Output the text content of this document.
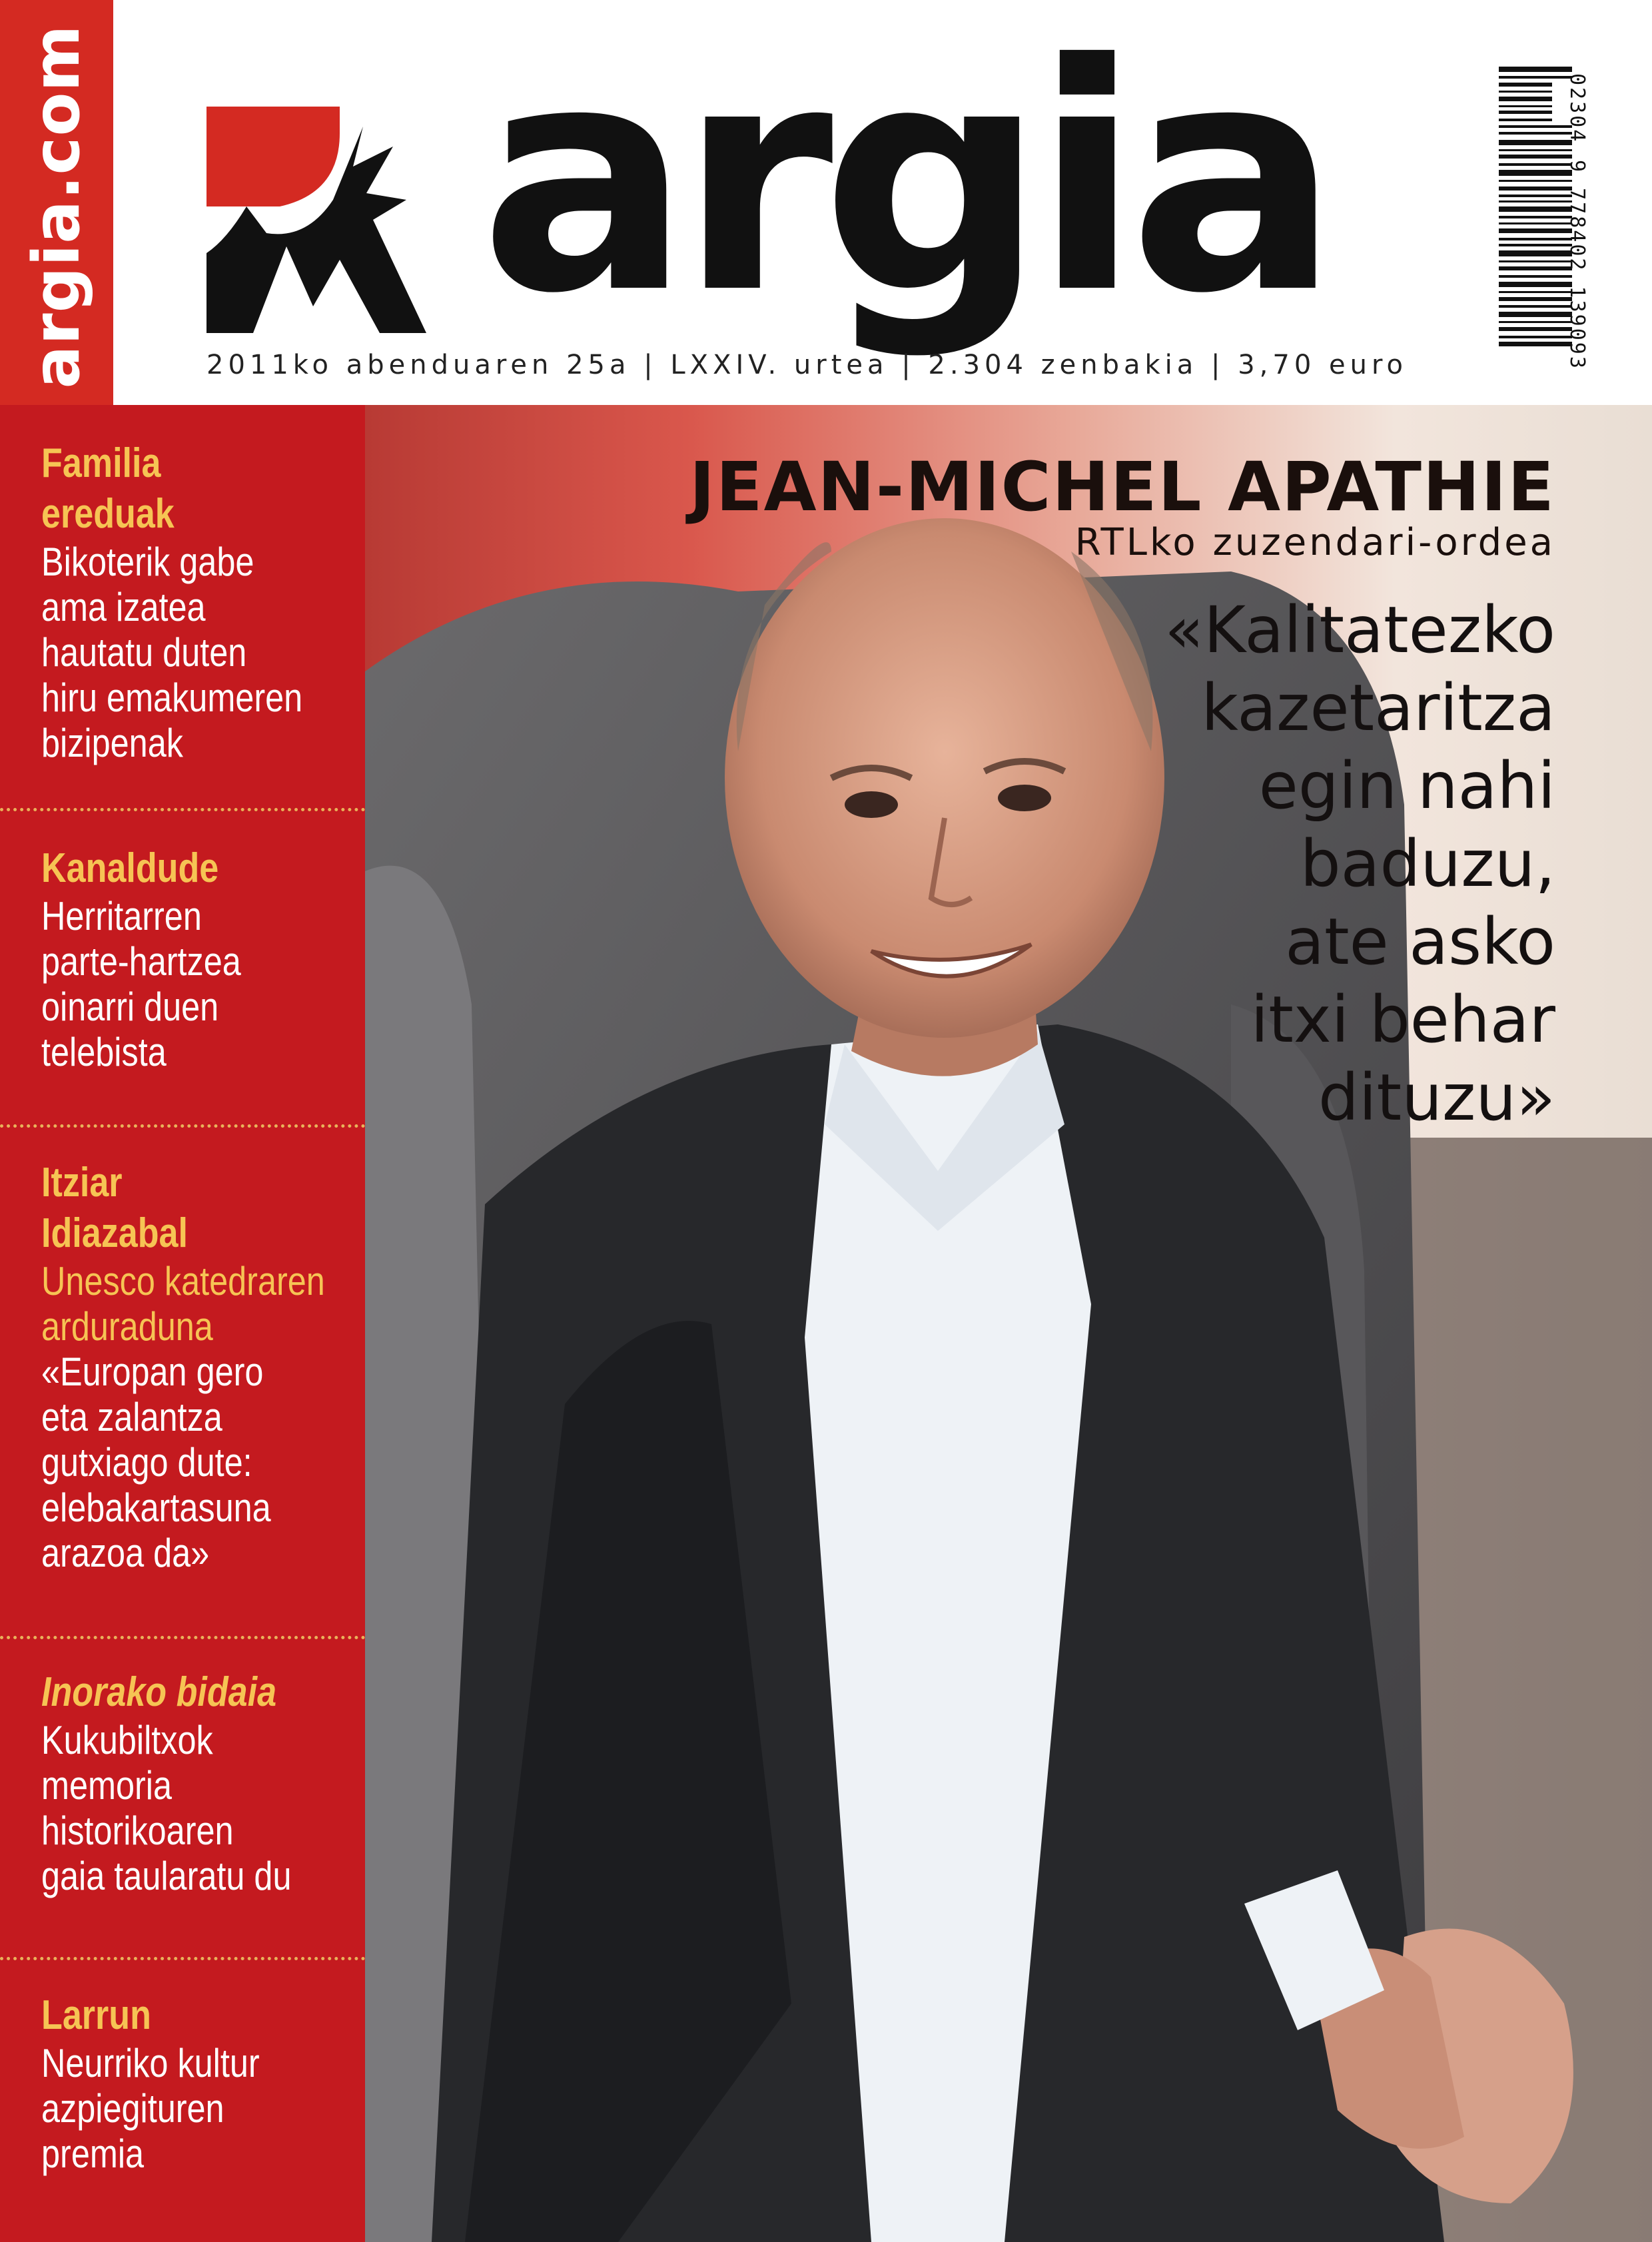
argia.com argia
2011ko abenduaren 25a | LXXIV. urtea | 2.304 zenbakia | 3,70 euro
02304
9 778402 139093
Familia
ereduak
Bikoterik gabe
ama izatea
hautatu duten
hiru emakumeren
bizipenak
Kanaldude
Herritarren
parte-hartzea
oinarri duen
telebista
Itziar
Idiazabal
Unesco katedraren
arduraduna
«Europan gero
eta zalantza
gutxiago dute:
elebakartasuna
arazoa da»
Inorako bidaia
Kukubiltxok
memoria
historikoaren
gaia taularatu du
Larrun
Neurriko kultur
azpiegituren
premia
JEAN-MICHEL APATHIE
RTLko zuzendari-ordea
«Kalitatezko
kazetaritza
egin nahi
baduzu,
ate asko
itxi behar
dituzu»
